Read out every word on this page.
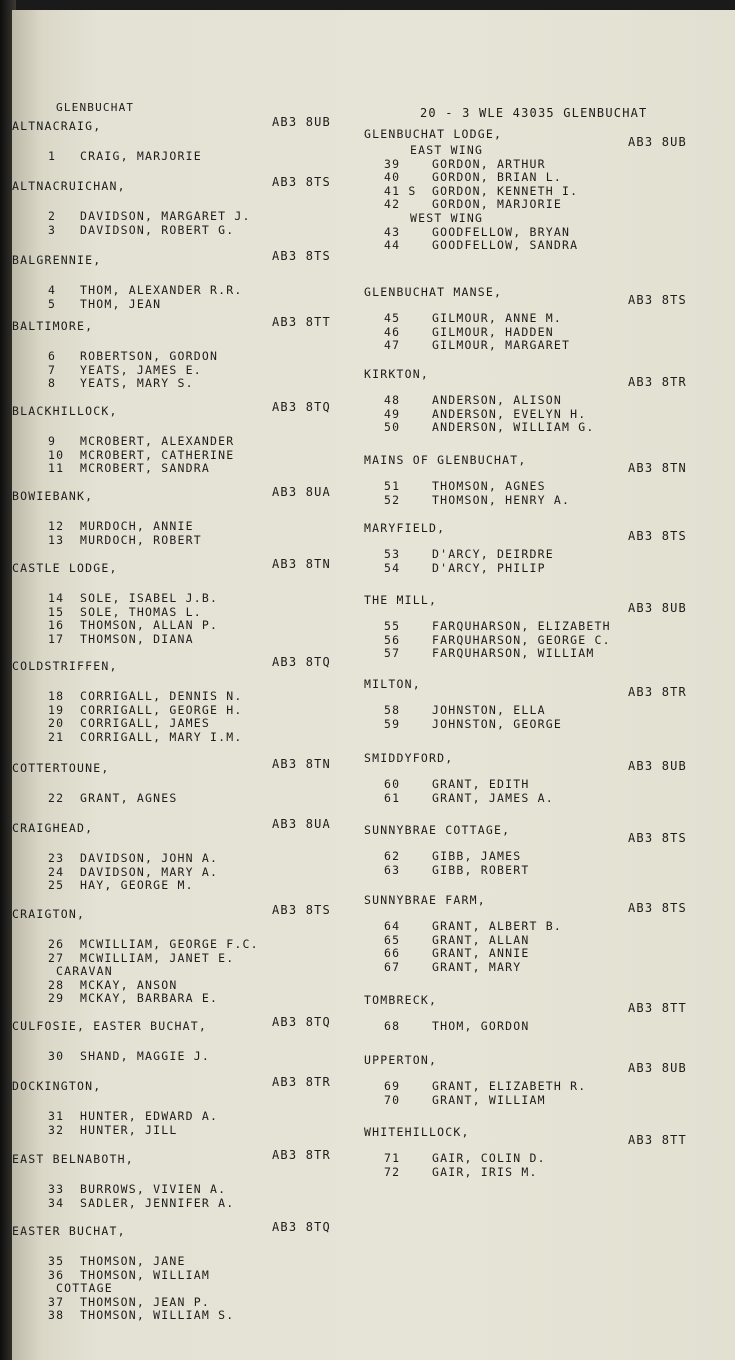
GLENBUCHAT	20 - 3 WLE 43035 GLENBUCHAT
ALTNACRAIG,	AB3 8UB
1 CRAIG, MARJORIE
ALTNACRUICHAN,	AB3 8TS
2 DAVIDSON, MARGARET J.
3 DAVIDSON, ROBERT G.
BALGRENNIE,	AB3 8TS
4 THOM, ALEXANDER R.R.
5 THOM, JEAN
BALTIMORE,	AB3 8TT
6 ROBERTSON, GORDON
7 YEATS, JAMES E.
8 YEATS, MARY S.
BLACKHILLOCK,	AB3 8TQ
9 MCROBERT, ALEXANDER
10 MCROBERT, CATHERINE
11 MCROBERT, SANDRA
BOWIEBANK,	AB3 8UA
12 MURDOCH, ANNIE
13 MURDOCH, ROBERT
CASTLE LODGE,	AB3 8TN
14 SOLE, ISABEL J.B.
15 SOLE, THOMAS L.
16 THOMSON, ALLAN P.
17 THOMSON, DIANA
COLDSTRIFFEN,	AB3 8TQ
18 CORRIGALL, DENNIS N.
19 CORRIGALL, GEORGE H.
20 CORRIGALL, JAMES
21 CORRIGALL, MARY I.M.
COTTERTOUNE,	AB3 8TN
22 GRANT, AGNES
CRAIGHEAD,	AB3 8UA
23 DAVIDSON, JOHN A.
24 DAVIDSON, MARY A.
25 HAY, GEORGE M.
CRAIGTON,	AB3 8TS
26 MCWILLIAM, GEORGE F.C.
27 MCWILLIAM, JANET E.
CARAVAN
28 MCKAY, ANSON
29 MCKAY, BARBARA E.
CULFOSIE, EASTER BUCHAT,	AB3 8TQ
30 SHAND, MAGGIE J.
DOCKINGTON,	AB3 8TR
31 HUNTER, EDWARD A.
32 HUNTER, JILL
EAST BELNABOTH,	AB3 8TR
33 BURROWS, VIVIEN A.
34 SADLER, JENNIFER A.
EASTER BUCHAT,	AB3 8TQ
35 THOMSON, JANE
36 THOMSON, WILLIAM
COTTAGE
37 THOMSON, JEAN P.
38 THOMSON, WILLIAM S.
GLENBUCHAT LODGE,
AB3 8UB
EAST WING
39	GORDON, ARTHUR
40	GORDON, BRIAN L.
41 S GORDON, KENNETH I.
42	GORDON, MARJORIE
WEST WING
43	GOODFELLOW, BRYAN
44	GOODFELLOW, SANDRA
GLENBUCHAT MANSE,
AB3 8TS
45	GILMOUR, ANNE M.
46	GILMOUR, HADDEN
47	GILMOUR, MARGARET
KIRKTON,
AB3 8TR
48	ANDERSON, ALISON
49	ANDERSON, EVELYN H.
50	ANDERSON, WILLIAM G.
MAINS OF GLENBUCHAT,
AB3 8TN
51	THOMSON, AGNES
52	THOMSON, HENRY A.
MARYFIELD,
AB3 8TS
53	D'ARCY, DEIRDRE
54	D'ARCY, PHILIP
THE MILL,
AB3 8UB
55	FARQUHARSON, ELIZABETH
56	FARQUHARSON, GEORGE C.
57	FARQUHARSON, WILLIAM
MILTON,
AB3 8TR
58	JOHNSTON, ELLA
59	JOHNSTON, GEORGE
SMIDDYFORD,
AB3 8UB
60	GRANT, EDITH
61	GRANT, JAMES A.
SUNNYBRAE COTTAGE,
AB3 8TS
62	GIBB, JAMES
63	GIBB, ROBERT
SUNNYBRAE FARM,
AB3 8TS
64	GRANT, ALBERT B.
65	GRANT, ALLAN
66	GRANT, ANNIE
67	GRANT, MARY
TOMBRECK,
AB3 8TT
68	THOM, GORDON
UPPERTON,
AB3 8UB
69	GRANT, ELIZABETH R.
70	GRANT, WILLIAM
WHITEHILLOCK,
AB3 8TT
71	GAIR, COLIN D.
72	GAIR, IRIS M.
